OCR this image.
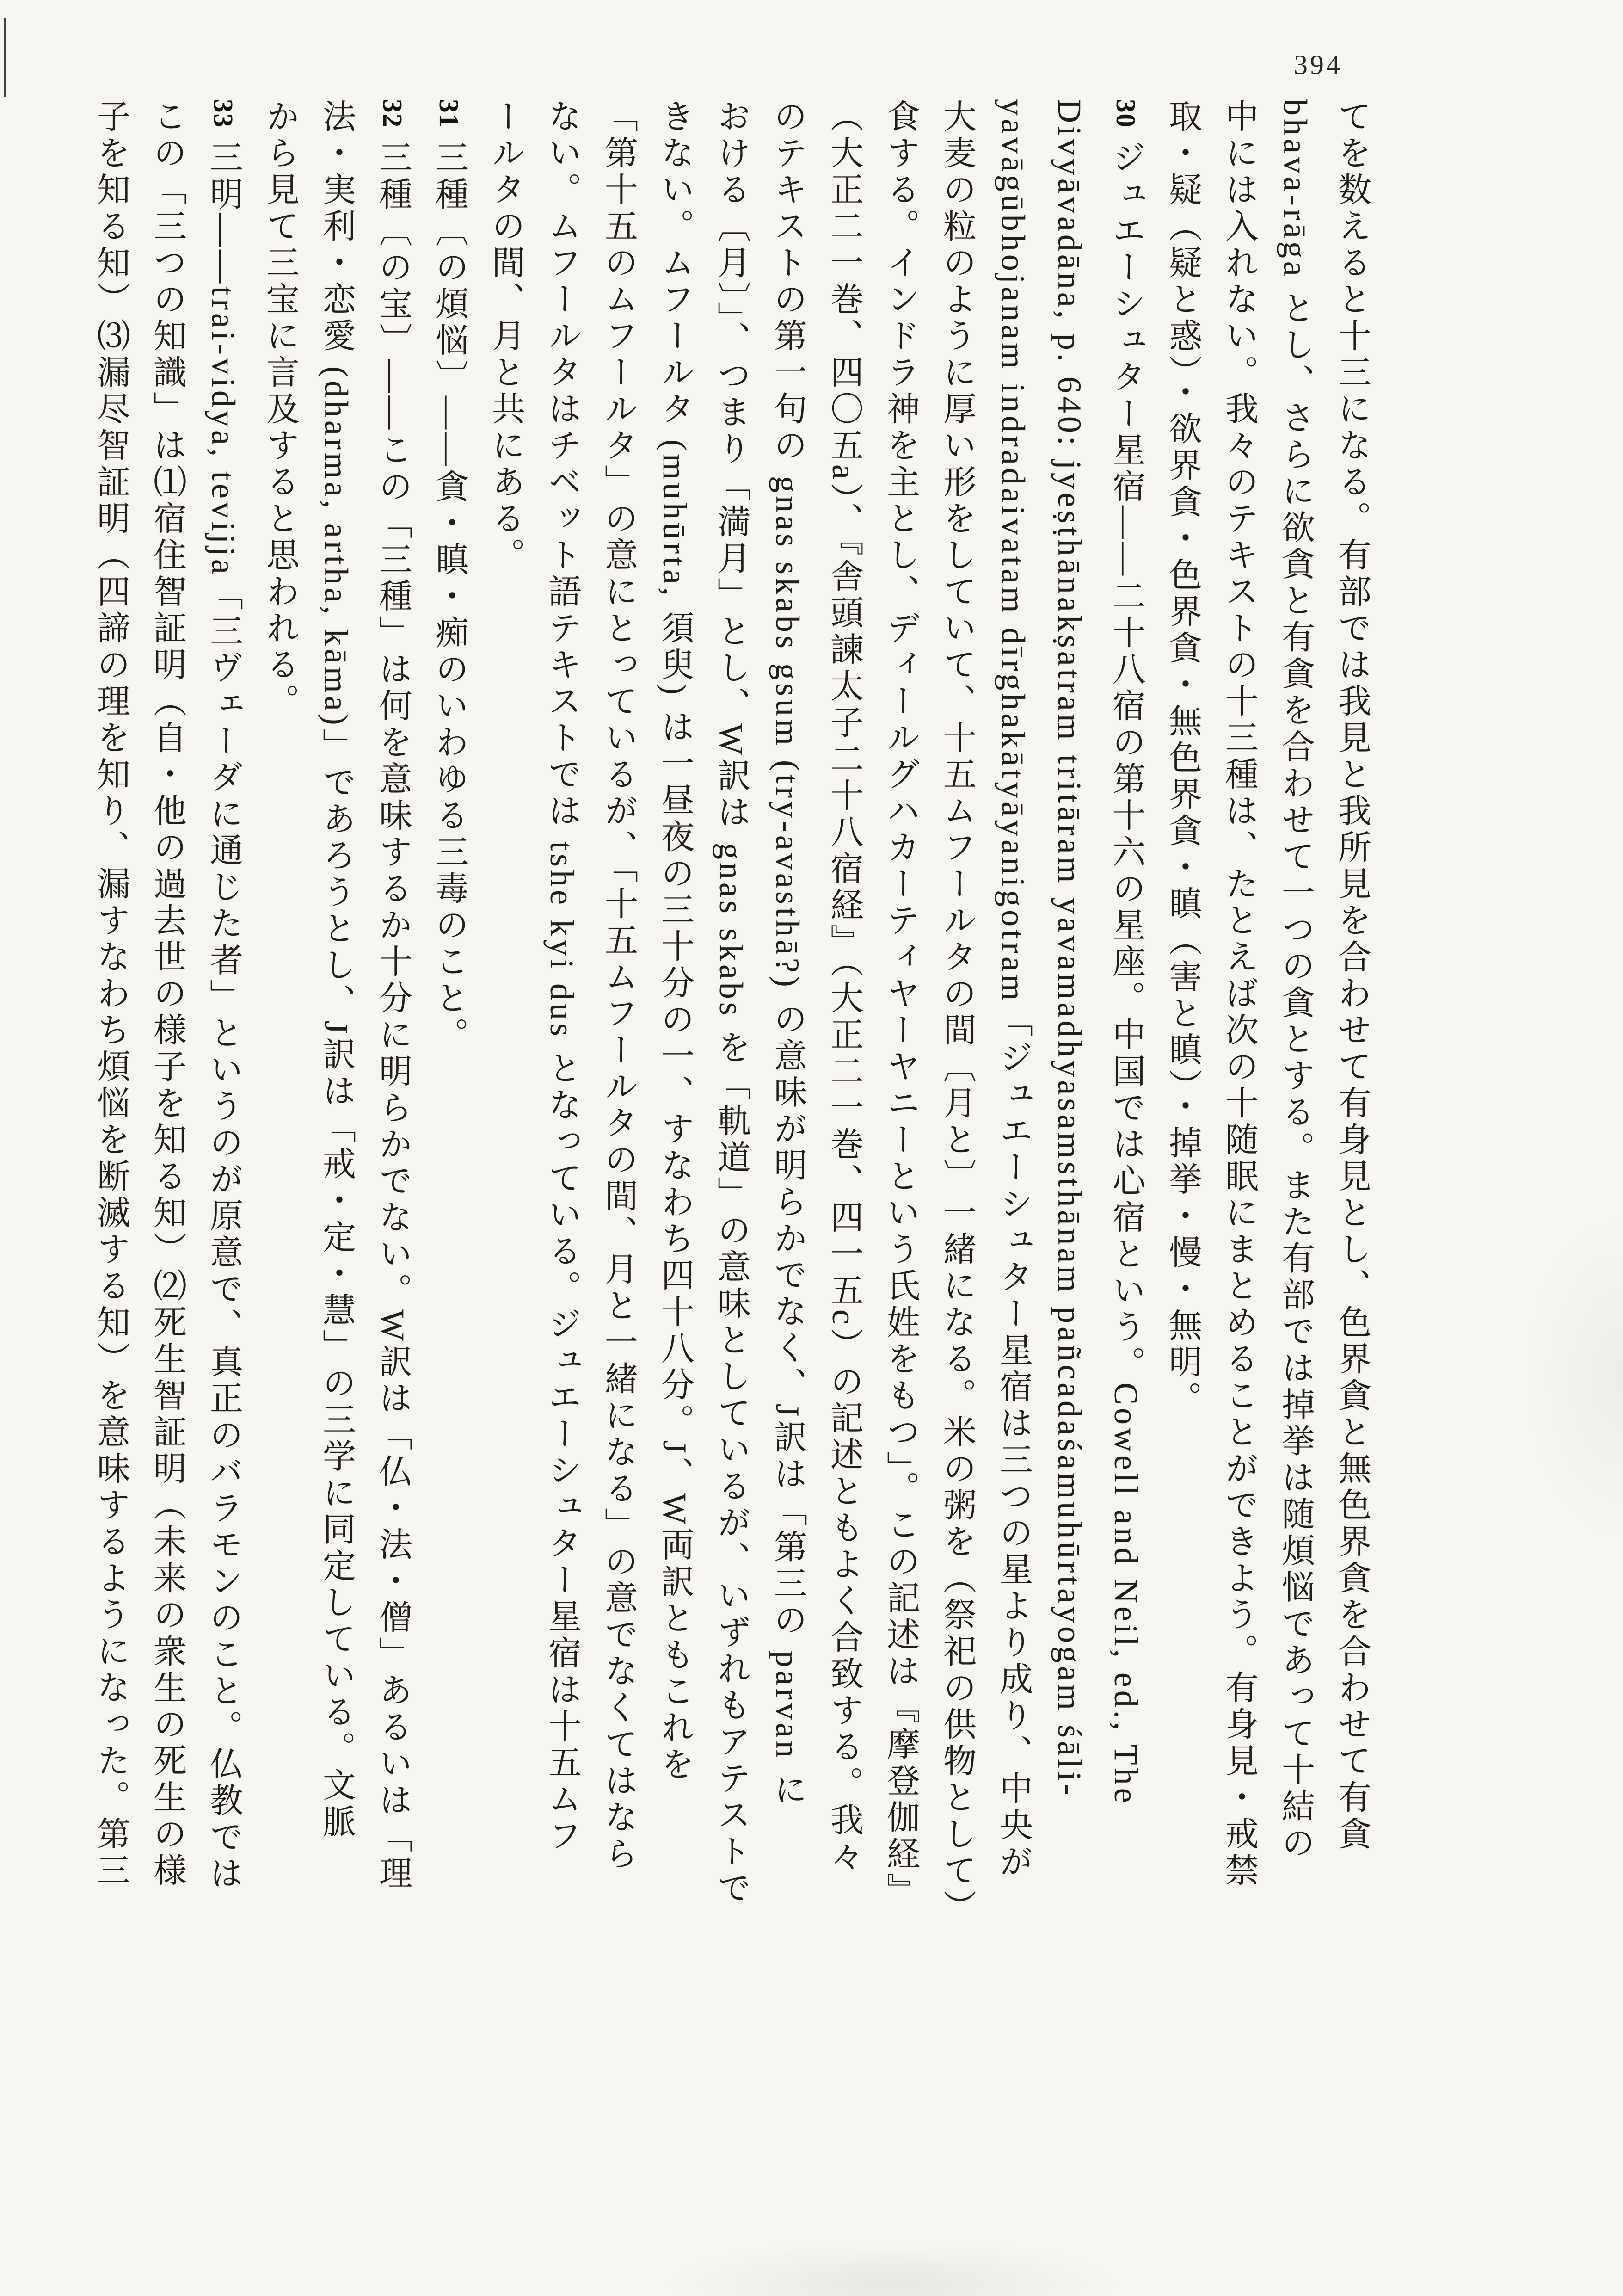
394
てを数えると十三になる。有部では我見と我所見を合わせて有身見とし、色界貪と無色界貪を合わせて有貪
bhava-rāga とし、さらに欲貪と有貪を合わせて一つの貪とする。また有部では掉挙は随煩悩であって十結の
中には入れない。我々のテキストの十三種は、たとえば次の十随眠にまとめることができよう。有身見・戒禁
取・疑（疑と惑）・欲界貪・色界貪・無色界貪・瞋（害と瞋）・掉挙・慢・無明。
30ジュエーシュター星宿——二十八宿の第十六の星座。中国では心宿という。Cowell and Neil, ed., The
Divyāvadāna, p. 640: jyeṣṭhānakṣatram tritāram yavamadhyasamsthānam pañcadaśamuhūrtayogam śāli-
yavāgūbhojanam indradaivatam dīrghakātyāyanigotram「ジュエーシュター星宿は三つの星より成り、中央が
大麦の粒のように厚い形をしていて、十五ムフールタの間〔月と〕一緒になる。米の粥を（祭祀の供物として）
食する。インドラ神を主とし、ディールグハカーティヤーヤニーという氏姓をもつ」。この記述は『摩登伽経』
（大正二一巻、四〇五a）、『舎頭諫太子二十八宿経』（大正二一巻、四一五c）の記述ともよく合致する。我々
のテキストの第一句の gnas skabs gsum (try-avasthā?) の意味が明らかでなく、J訳は「第三の parvan に
おける〔月〕」、つまり「満月」とし、W訳は gnas skabs を「軌道」の意味としているが、いずれもアテストで
きない。ムフールタ (muhūrta, 須臾) は一昼夜の三十分の一、すなわち四十八分。J、W両訳ともこれを
「第十五のムフールタ」の意にとっているが、「十五ムフールタの間、月と一緒になる」の意でなくてはなら
ない。ムフールタはチベット語テキストでは tshe kyi dus となっている。ジュエーシュター星宿は十五ムフ
ールタの間、月と共にある。
31三種〔の煩悩〕——貪・瞋・痴のいわゆる三毒のこと。
32三種〔の宝〕——この「三種」は何を意味するか十分に明らかでない。W訳は「仏・法・僧」あるいは「理
法・実利・恋愛 (dharma, artha, kāma)」であろうとし、J訳は「戒・定・慧」の三学に同定している。文脈
から見て三宝に言及すると思われる。
33三明——trai-vidya, tevijja「三ヴェーダに通じた者」というのが原意で、真正のバラモンのこと。仏教では
この「三つの知識」は⑴宿住智証明（自・他の過去世の様子を知る知）⑵死生智証明（未来の衆生の死生の様
子を知る知）⑶漏尽智証明（四諦の理を知り、漏すなわち煩悩を断滅する知）を意味するようになった。第三
